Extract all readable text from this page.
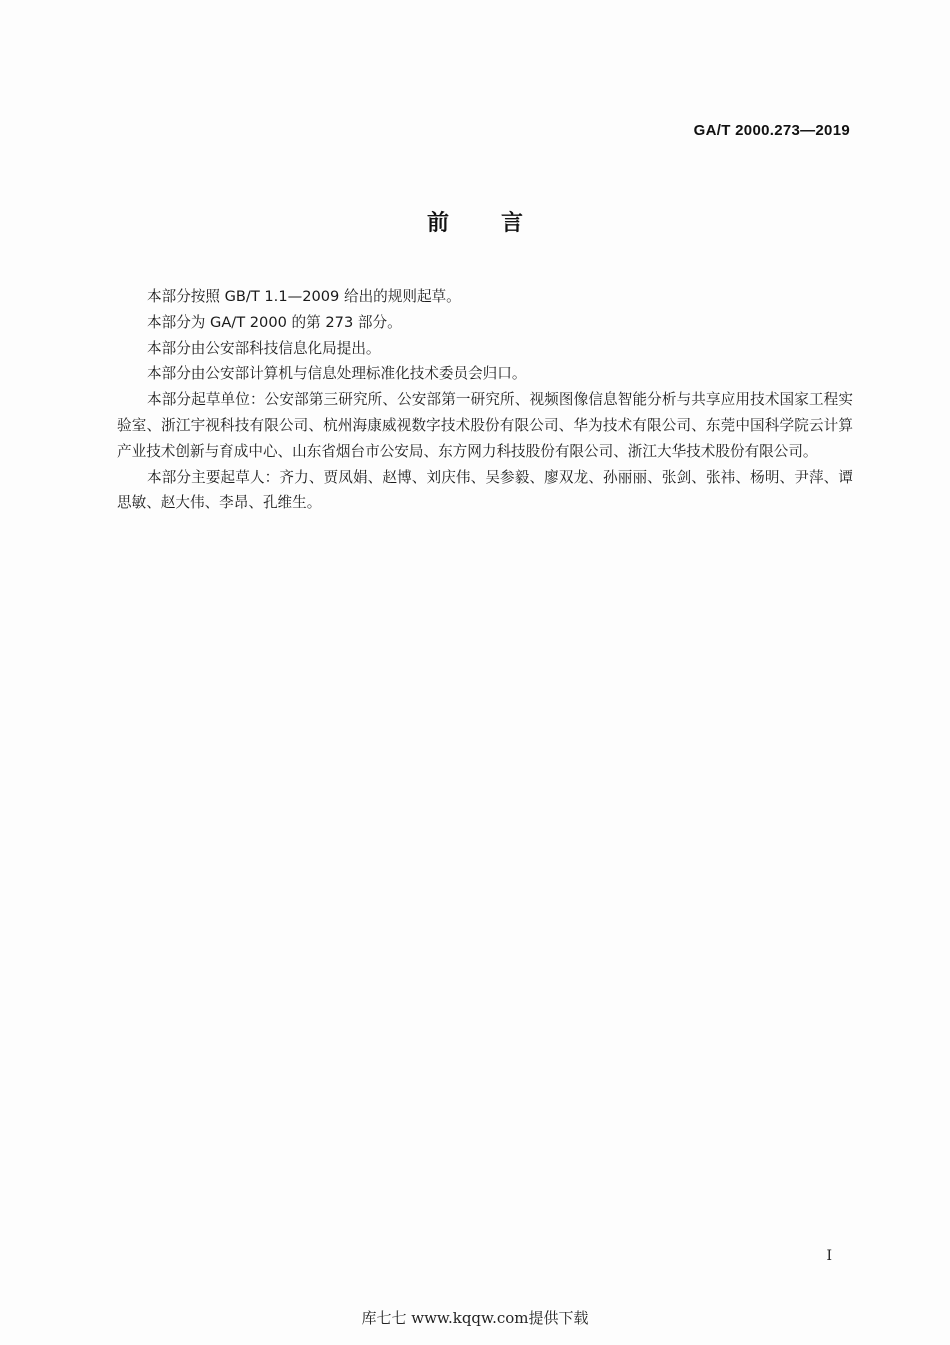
GA/T 2000.273—2019
前言

本部分按照 GB/T 1.1—2009 给出的规则起草。

本部分为 GA/T 2000 的第 273 部分。

本部分由公安部科技信息化局提出。

本部分由公安部计算机与信息处理标准化技术委员会归口。

本部分起草单位：公安部第三研究所、公安部第一研究所、视频图像信息智能分析与共享应用技术国家工程实验室、浙江宇视科技有限公司、杭州海康威视数字技术股份有限公司、华为技术有限公司、东莞中国科学院云计算产业技术创新与育成中心、山东省烟台市公安局、东方网力科技股份有限公司、浙江大华技术股份有限公司。

本部分主要起草人：齐力、贾凤娟、赵博、刘庆伟、吴参毅、廖双龙、孙丽丽、张剑、张祎、杨明、尹萍、谭思敏、赵大伟、李昂、孔维生。

I
库七七 www.kqqw.com提供下载
